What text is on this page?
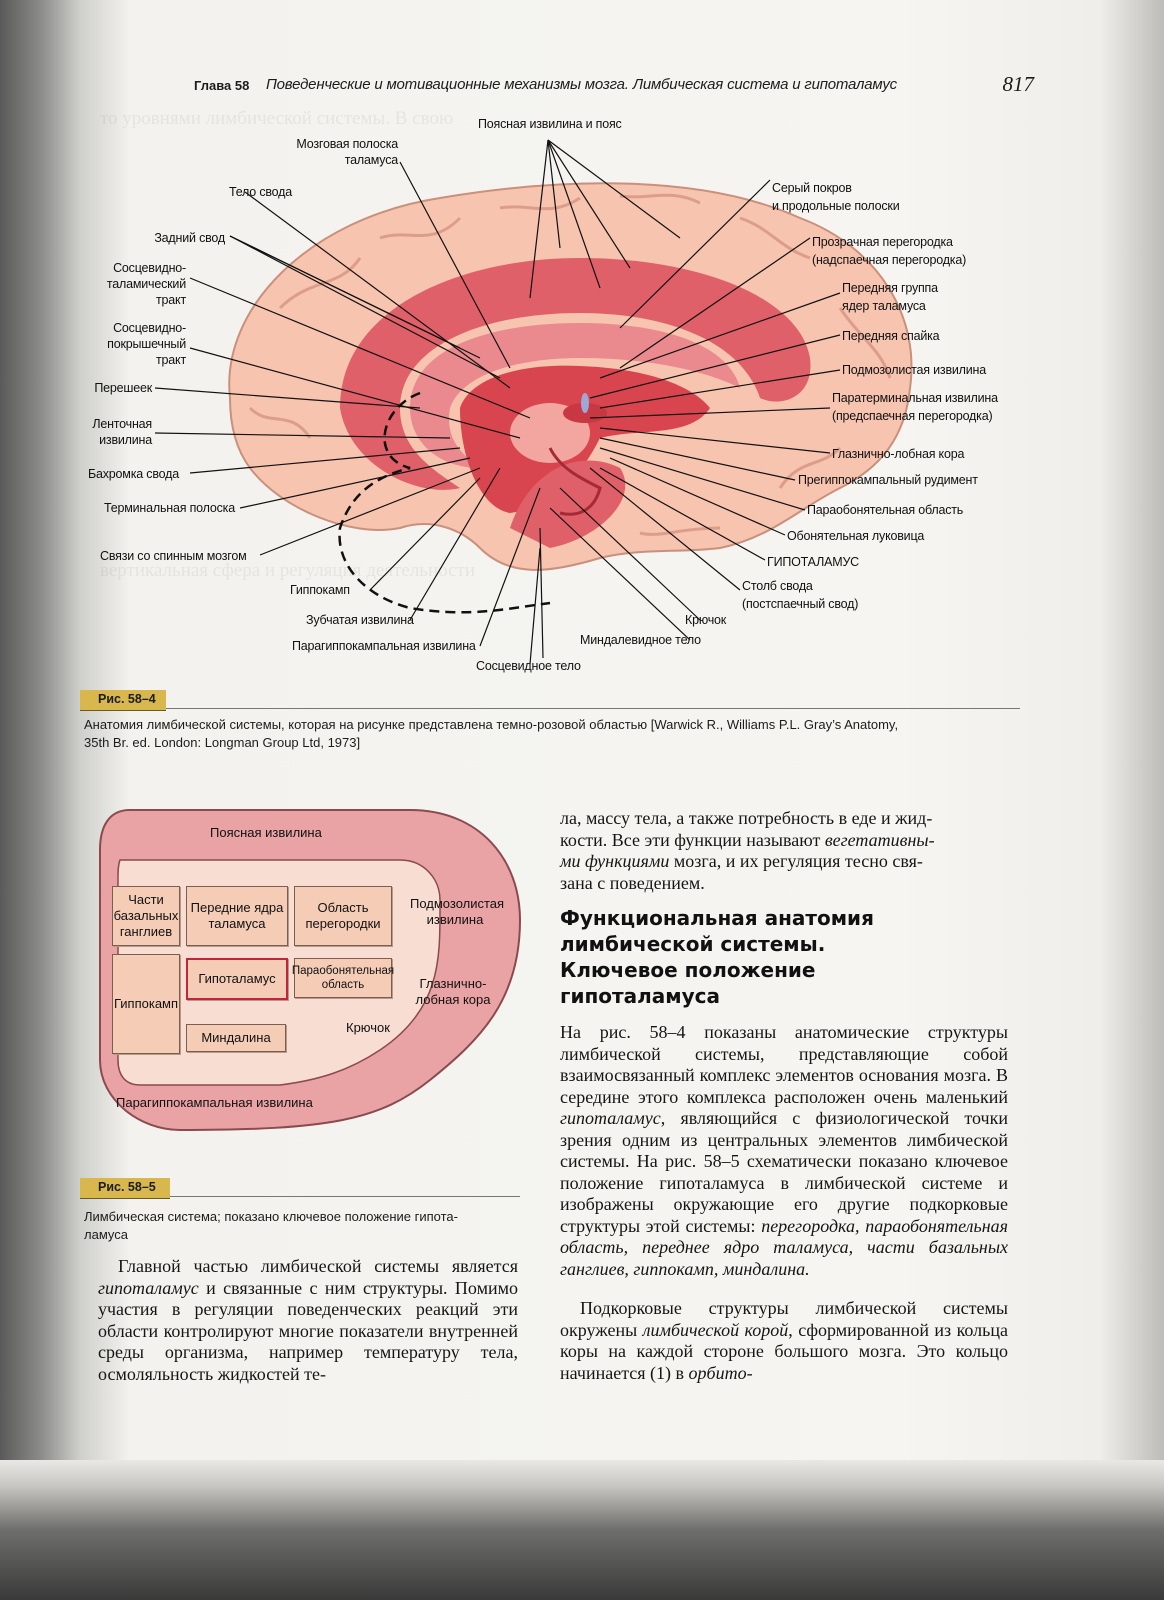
то уровнями лимбической системы. В свою
вертикальная сфера и регуляция деятельности
Глава 58 Поведенческие и мотивационные механизмы мозга. Лимбическая система и гипоталамус	817
Поясная извилина и пояс
Мозговая полоска
таламуса
Тело свода
Задний свод
Сосцевидно-
таламический
тракт
Сосцевидно-
покрышечный
тракт
Перешеек
Ленточная
извилина
Бахромка свода
Терминальная полоска
Связи со спинным мозгом
Серый покров
и продольные полоски
Прозрачная перегородка
(надспаечная перегородка)
Передняя группа
ядер таламуса
Передняя спайка
Подмозолистая извилина
Паратерминальная извилина
(предспаечная перегородка)
Глазнично-лобная кора
Прегиппокампальный рудимент
Параобонятельная область
Обонятельная луковица
ГИПОТАЛАМУС
Столб свода
(постспаечный свод)
Гиппокамп
Зубчатая извилина
Парагиппокампальная извилина
Сосцевидное тело
Миндалевидное тело
Крючок
Рис. 58–4
Анатомия лимбической системы, которая на рисунке представлена темно-розовой областью [Warwick R., Williams P.L. Gray’s Anatomy,
35th Br. ed. London: Longman Group Ltd, 1973]
Поясная извилина
Парагиппокампальная извилина
Подмозолистая извилина
Глазнично-лобная кора
Крючок
Части базальных ганглиев
Передние ядра таламуса
Область перегородки
Гиппокамп
Гипоталамус	Параобонятельная область
Миндалина
Рис. 58–5
Лимбическая система; показано ключевое положение гипота-
ламуса
ла, массу тела, а также потребность в еде и жид-
кости. Все эти функции называют вегетативны-
ми функциями мозга, и их регуляция тесно свя-
зана с поведением.
Функциональная анатомия
лимбической системы.
Ключевое положение
гипоталамуса
На рис. 58–4 показаны анатомические структуры лимбической системы, представляющие собой взаимосвязанный комплекс элементов основания мозга. В середине этого комплекса расположен очень маленький гипоталамус, являющийся с физиологической точки зрения одним из центральных элементов лимбической системы. На рис. 58–5 схематически показано ключевое положение гипоталамуса в лимбической системе и изображены окружающие его другие подкорковые структуры этой системы: перегородка, параобонятельная область, переднее ядро таламуса, части базальных ганглиев, гиппокамп, миндалина.
Подкорковые структуры лимбической системы окружены лимбической корой, сформированной из кольца коры на каждой стороне большого мозга. Это кольцо начинается (1) в орбито-
Главной частью лимбической системы является гипоталамус и связанные с ним структуры. Помимо участия в регуляции поведенческих реакций эти области контролируют многие показатели внутренней среды организма, например температуру тела, осмоляльность жидкостей те-
